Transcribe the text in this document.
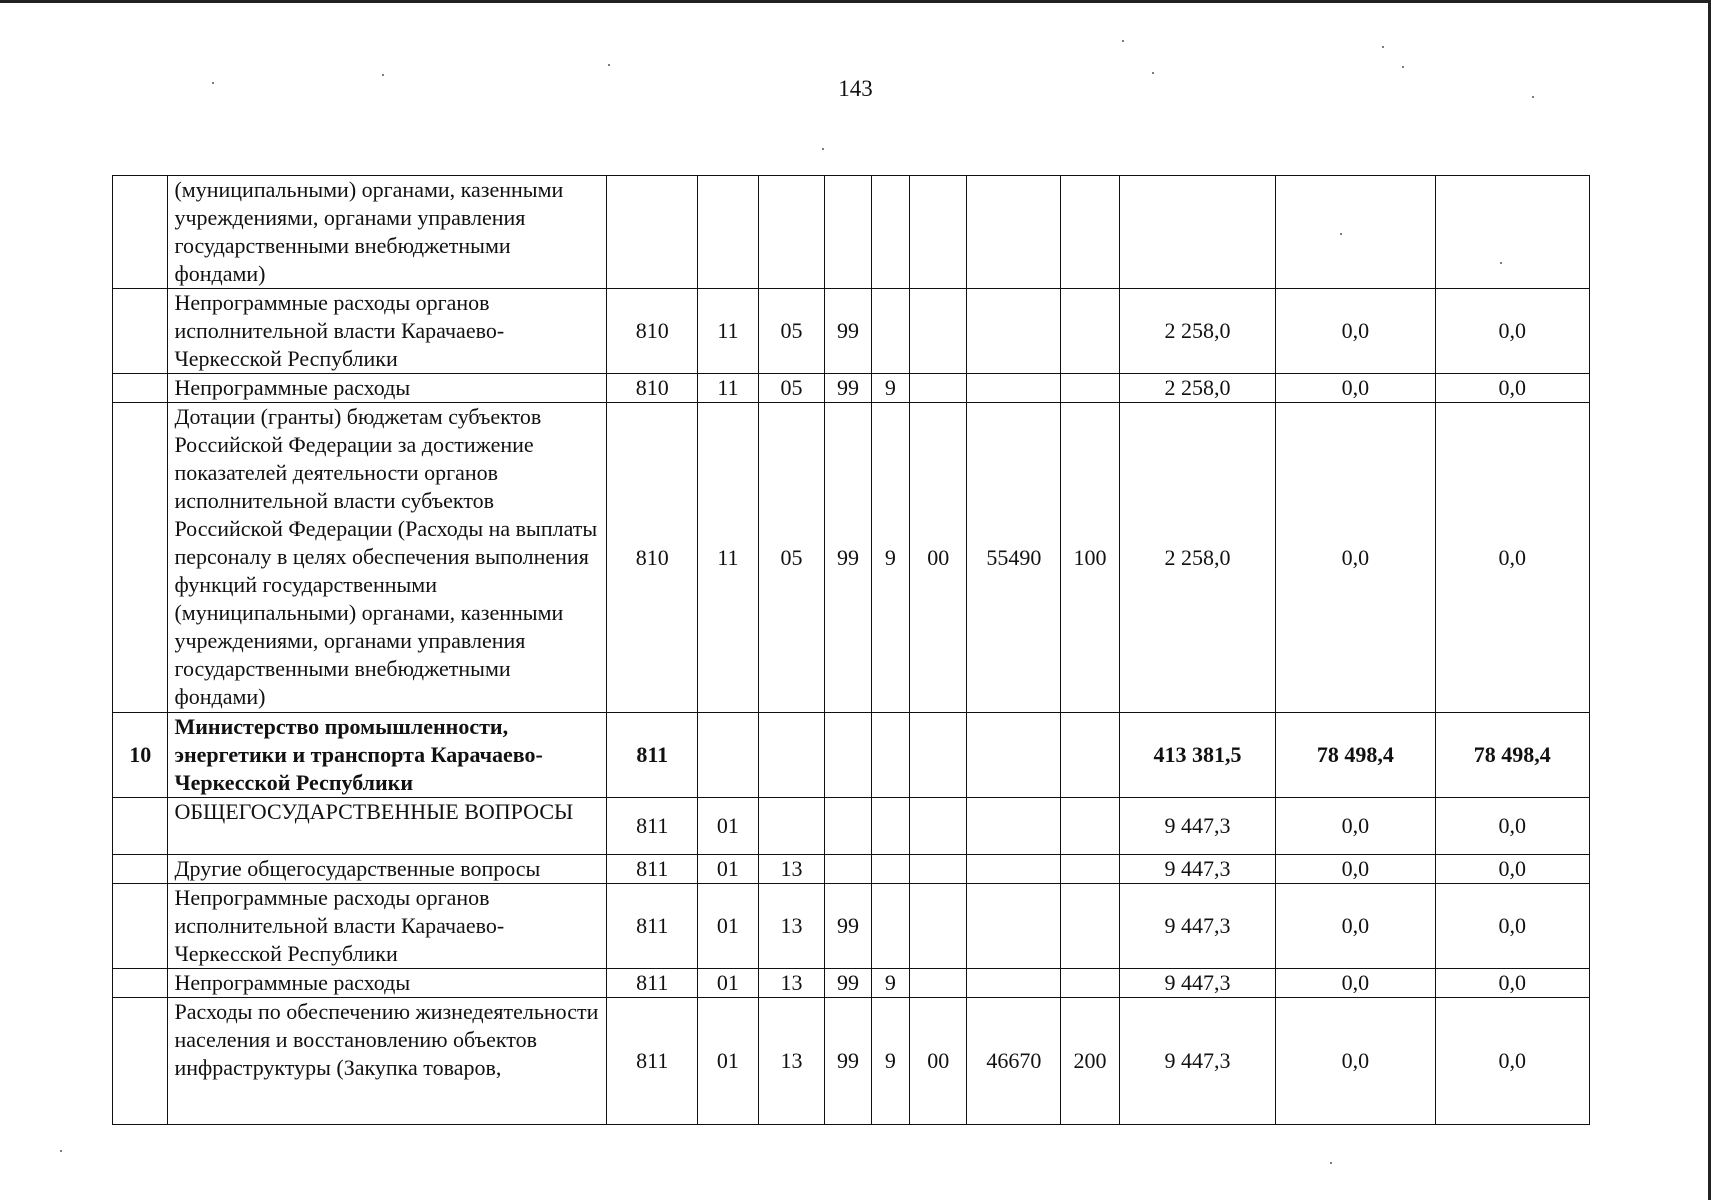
143
	(муниципальными) органами, казенными учреждениями, органами управления государственными внебюджетными фондами)											
	Непрограммные расходы органов исполнительной власти Карачаево-Черкесской Республики	810	11	05	99					2 258,0	0,0	0,0
	Непрограммные расходы	810	11	05	99	9				2 258,0	0,0	0,0
	Дотации (гранты) бюджетам субъектов Российской Федерации за достижение показателей деятельности органов исполнительной власти субъектов Российской Федерации (Расходы на выплаты персоналу в целях обеспечения выполнения функций государственными (муниципальными) органами, казенными учреждениями, органами управления государственными внебюджетными фондами)	810	11	05	99	9	00	55490	100	2 258,0	0,0	0,0
10	Министерство промышленности, энергетики и транспорта Карачаево-Черкесской Республики	811								413 381,5	78 498,4	78 498,4
	ОБЩЕГОСУДАРСТВЕННЫЕ ВОПРОСЫ	811	01							9 447,3	0,0	0,0
	Другие общегосударственные вопросы	811	01	13						9 447,3	0,0	0,0
	Непрограммные расходы органов исполнительной власти Карачаево-Черкесской Республики	811	01	13	99					9 447,3	0,0	0,0
	Непрограммные расходы	811	01	13	99	9				9 447,3	0,0	0,0
	Расходы по обеспечению жизнедеятельности населения и восстановлению объектов инфраструктуры (Закупка товаров,	811	01	13	99	9	00	46670	200	9 447,3	0,0	0,0
